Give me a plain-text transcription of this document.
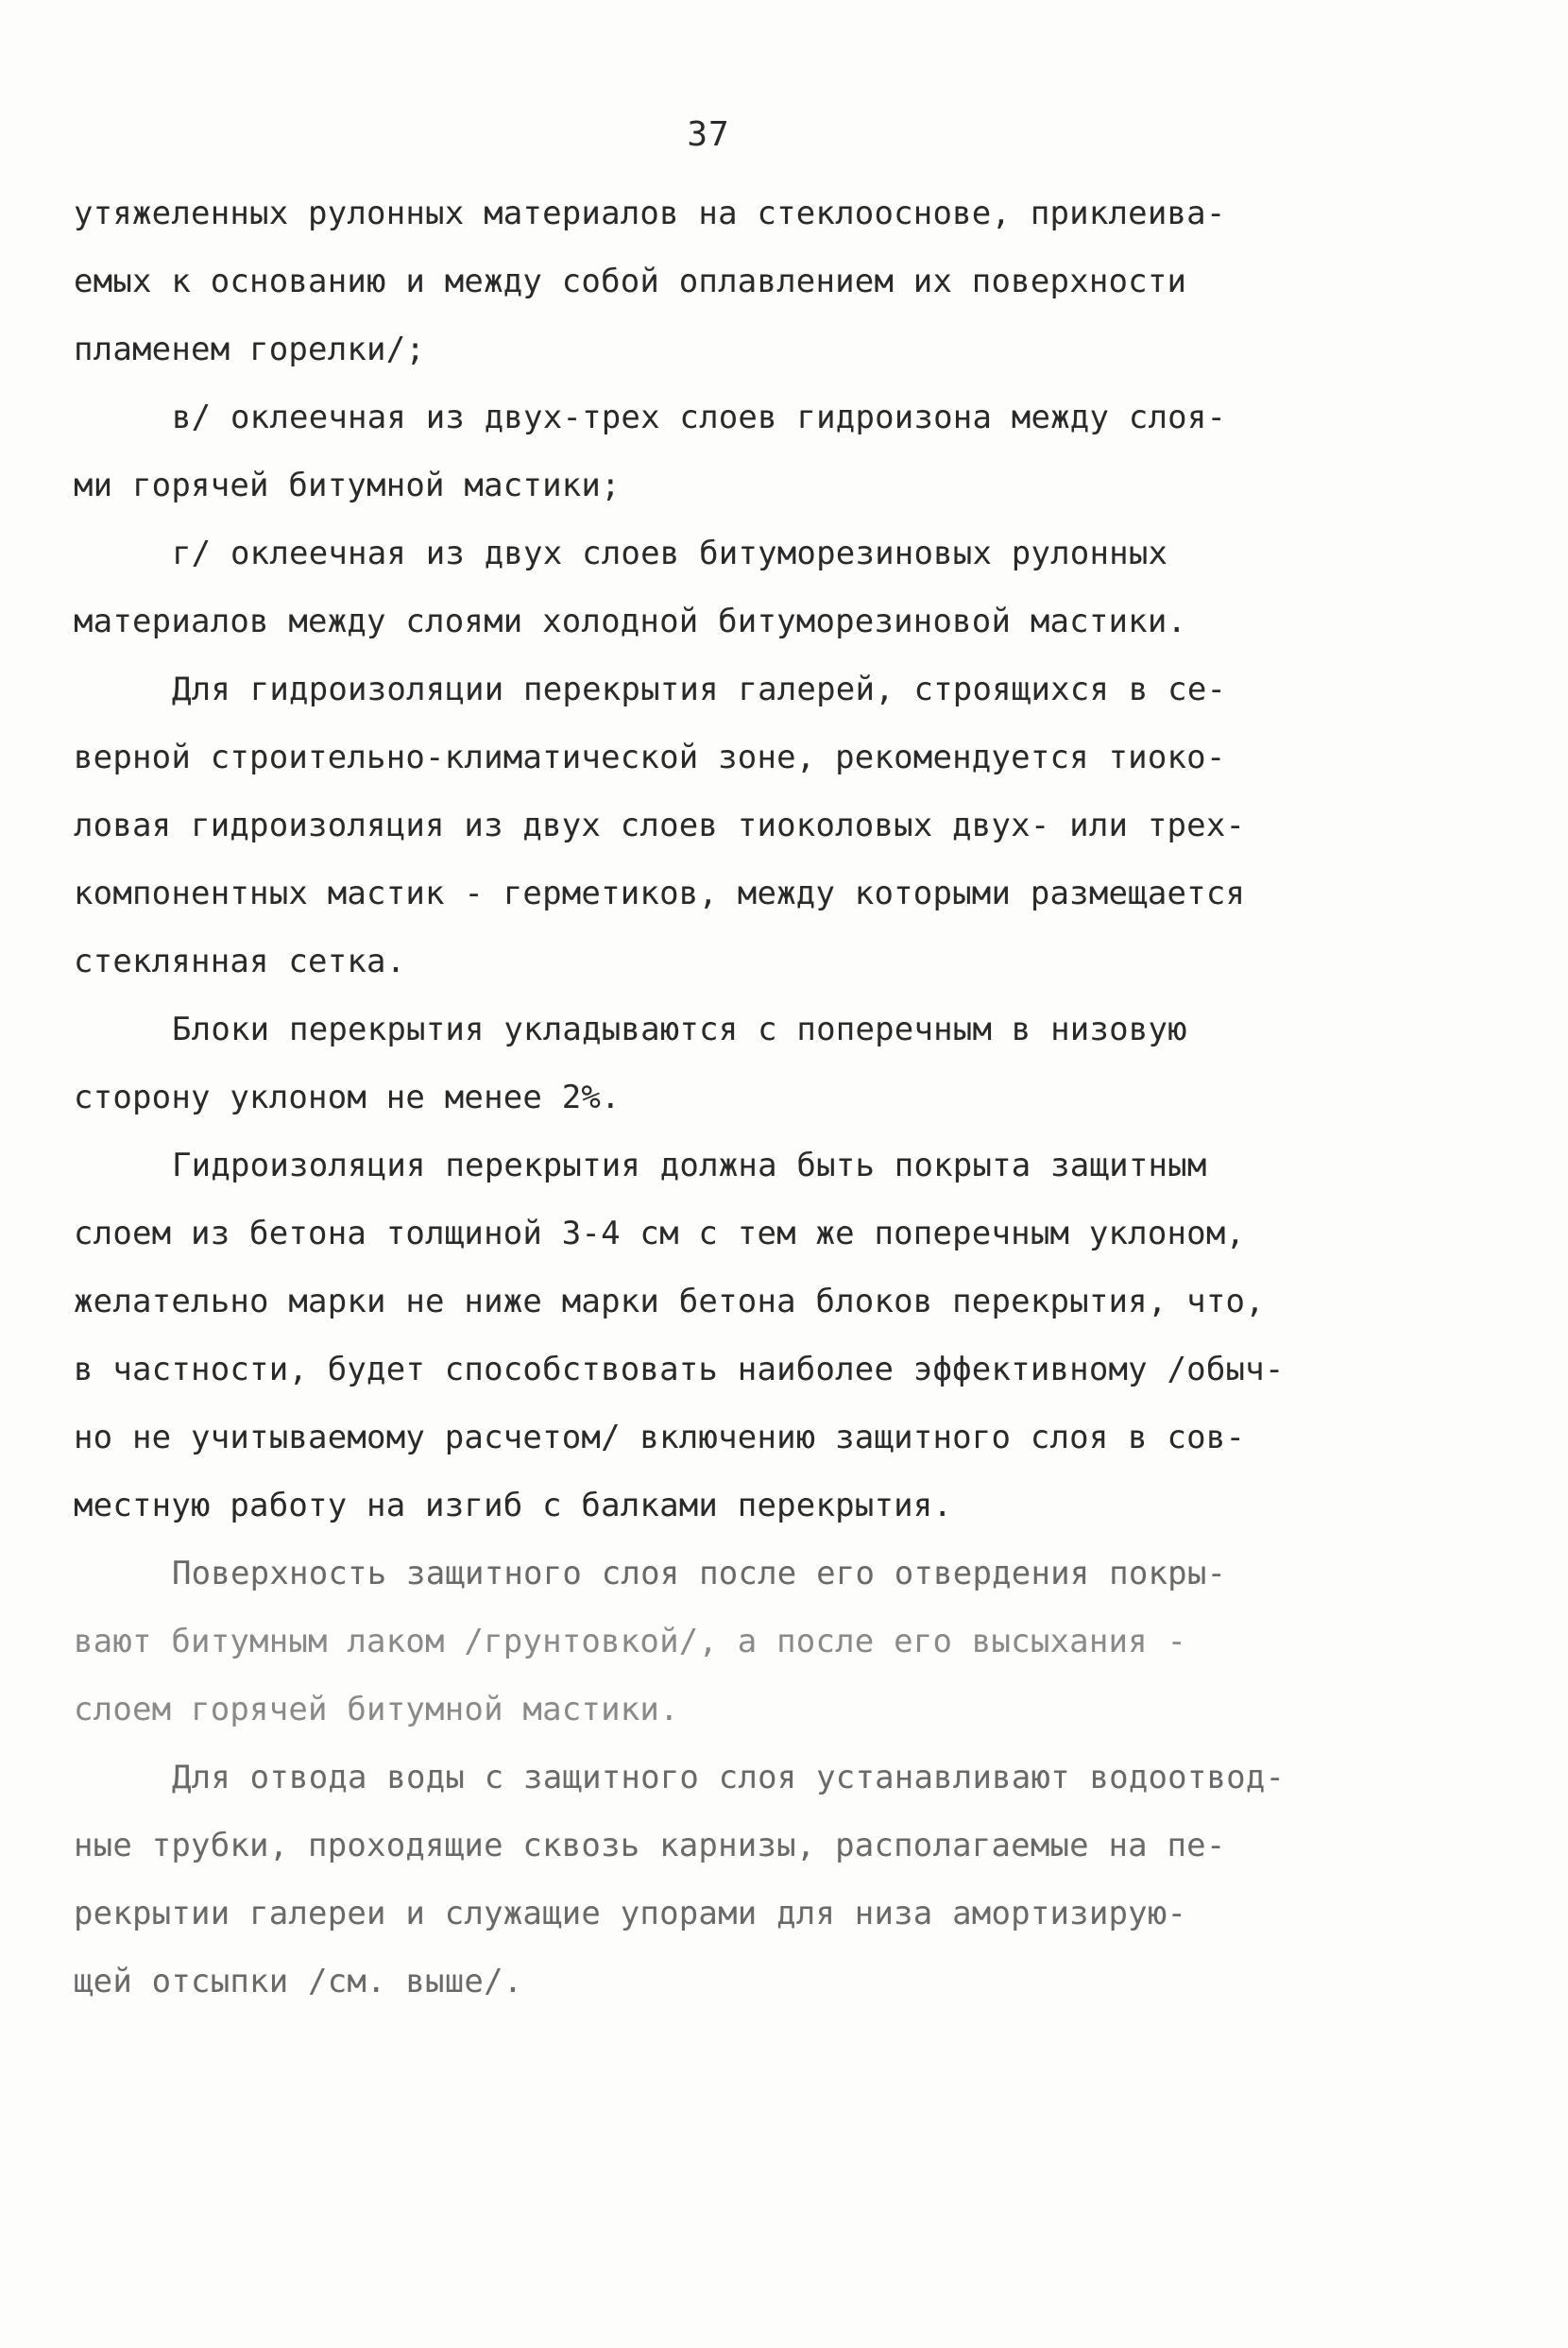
37
утяжеленных рулонных материалов на стеклооснове, приклеива-
емых к основанию и между собой оплавлением их поверхности
пламенем горелки/;
в/ оклеечная из двух-трех слоев гидроизона между слоя-
ми горячей битумной мастики;
г/ оклеечная из двух слоев битуморезиновых рулонных
материалов между слоями холодной битуморезиновой мастики.
Для гидроизоляции перекрытия галерей, строящихся в се-
верной строительно-климатической зоне, рекомендуется тиоко-
ловая гидроизоляция из двух слоев тиоколовых двух- или трех-
компонентных мастик - герметиков, между которыми размещается
стеклянная сетка.
Блоки перекрытия укладываются с поперечным в низовую
сторону уклоном не менее 2%.
Гидроизоляция перекрытия должна быть покрыта защитным
слоем из бетона толщиной 3-4 см с тем же поперечным уклоном,
желательно марки не ниже марки бетона блоков перекрытия, что,
в частности, будет способствовать наиболее эффективному /обыч-
но не учитываемому расчетом/ включению защитного слоя в сов-
местную работу на изгиб с балками перекрытия.
Поверхность защитного слоя после его отвердения покры-
вают битумным лаком /грунтовкой/, а после его высыхания -
слоем горячей битумной мастики.
Для отвода воды с защитного слоя устанавливают водоотвод-
ные трубки, проходящие сквозь карнизы, располагаемые на пе-
рекрытии галереи и служащие упорами для низа амортизирую-
щей отсыпки /см. выше/.
